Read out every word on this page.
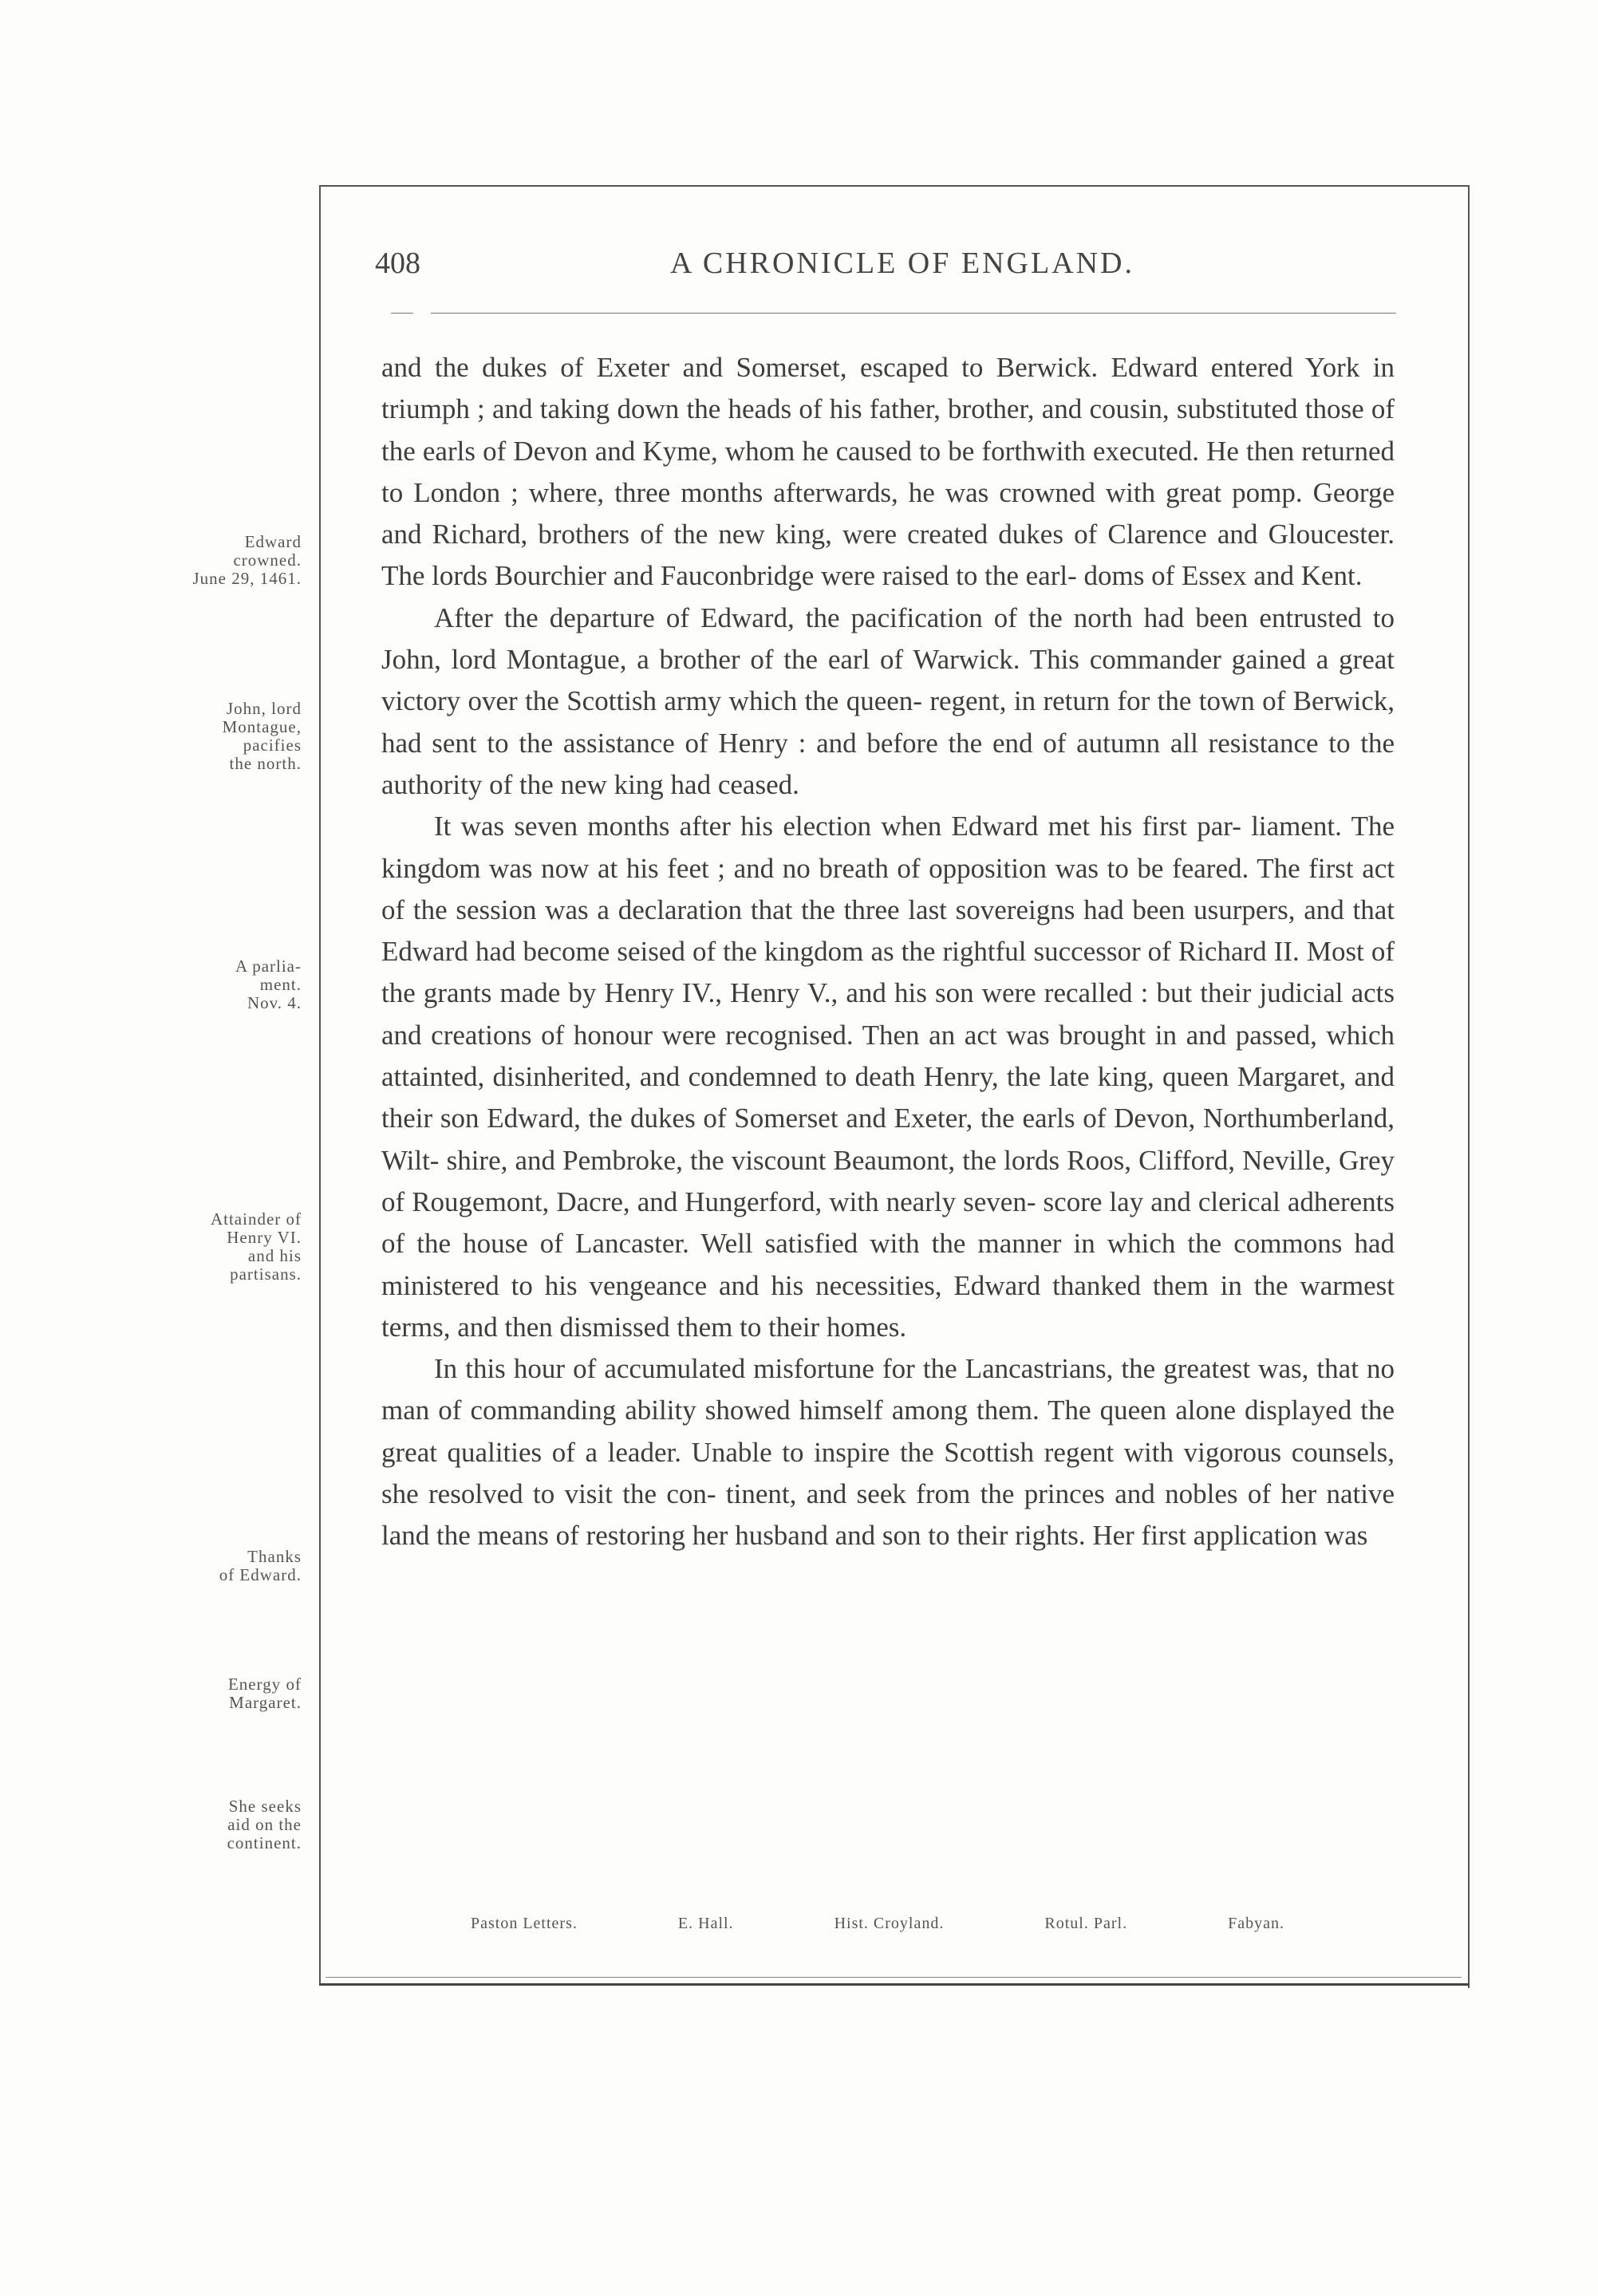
408	A CHRONICLE OF ENGLAND.
Edward
crowned.
June 29, 1461.
John, lord
Montague,
pacifies
the north.
A parlia-
ment.
Nov. 4.
Attainder of
Henry VI.
and his
partisans.
Thanks
of Edward.
Energy of
Margaret.
She seeks
aid on the
continent.

and the dukes of Exeter and Somerset, escaped to Berwick. Edward entered York in triumph ; and taking down the heads of his father, brother, and cousin, substituted those of the earls of Devon and Kyme, whom he caused to be forthwith executed. He then returned to London ; where, three months afterwards, he was crowned with great pomp. George and Richard, brothers of the new king, were created dukes of Clarence and Gloucester. The lords Bourchier and Fauconbridge were raised to the earl- doms of Essex and Kent.

After the departure of Edward, the pacification of the north had been entrusted to John, lord Montague, a brother of the earl of Warwick. This commander gained a great victory over the Scottish army which the queen- regent, in return for the town of Berwick, had sent to the assistance of Henry : and before the end of autumn all resistance to the authority of the new king had ceased.

It was seven months after his election when Edward met his first par- liament. The kingdom was now at his feet ; and no breath of opposition was to be feared. The first act of the session was a declaration that the three last sovereigns had been usurpers, and that Edward had become seised of the kingdom as the rightful successor of Richard II. Most of the grants made by Henry IV., Henry V., and his son were recalled : but their judicial acts and creations of honour were recognised. Then an act was brought in and passed, which attainted, disinherited, and condemned to death Henry, the late king, queen Margaret, and their son Edward, the dukes of Somerset and Exeter, the earls of Devon, Northumberland, Wilt- shire, and Pembroke, the viscount Beaumont, the lords Roos, Clifford, Neville, Grey of Rougemont, Dacre, and Hungerford, with nearly seven- score lay and clerical adherents of the house of Lancaster. Well satisfied with the manner in which the commons had ministered to his vengeance and his necessities, Edward thanked them in the warmest terms, and then dismissed them to their homes.

In this hour of accumulated misfortune for the Lancastrians, the greatest was, that no man of commanding ability showed himself among them. The queen alone displayed the great qualities of a leader. Unable to inspire the Scottish regent with vigorous counsels, she resolved to visit the con- tinent, and seek from the princes and nobles of her native land the means of restoring her husband and son to their rights. Her first application was

Paston Letters.	E. Hall.	Hist. Croyland.	Rotul. Parl.	Fabyan.
